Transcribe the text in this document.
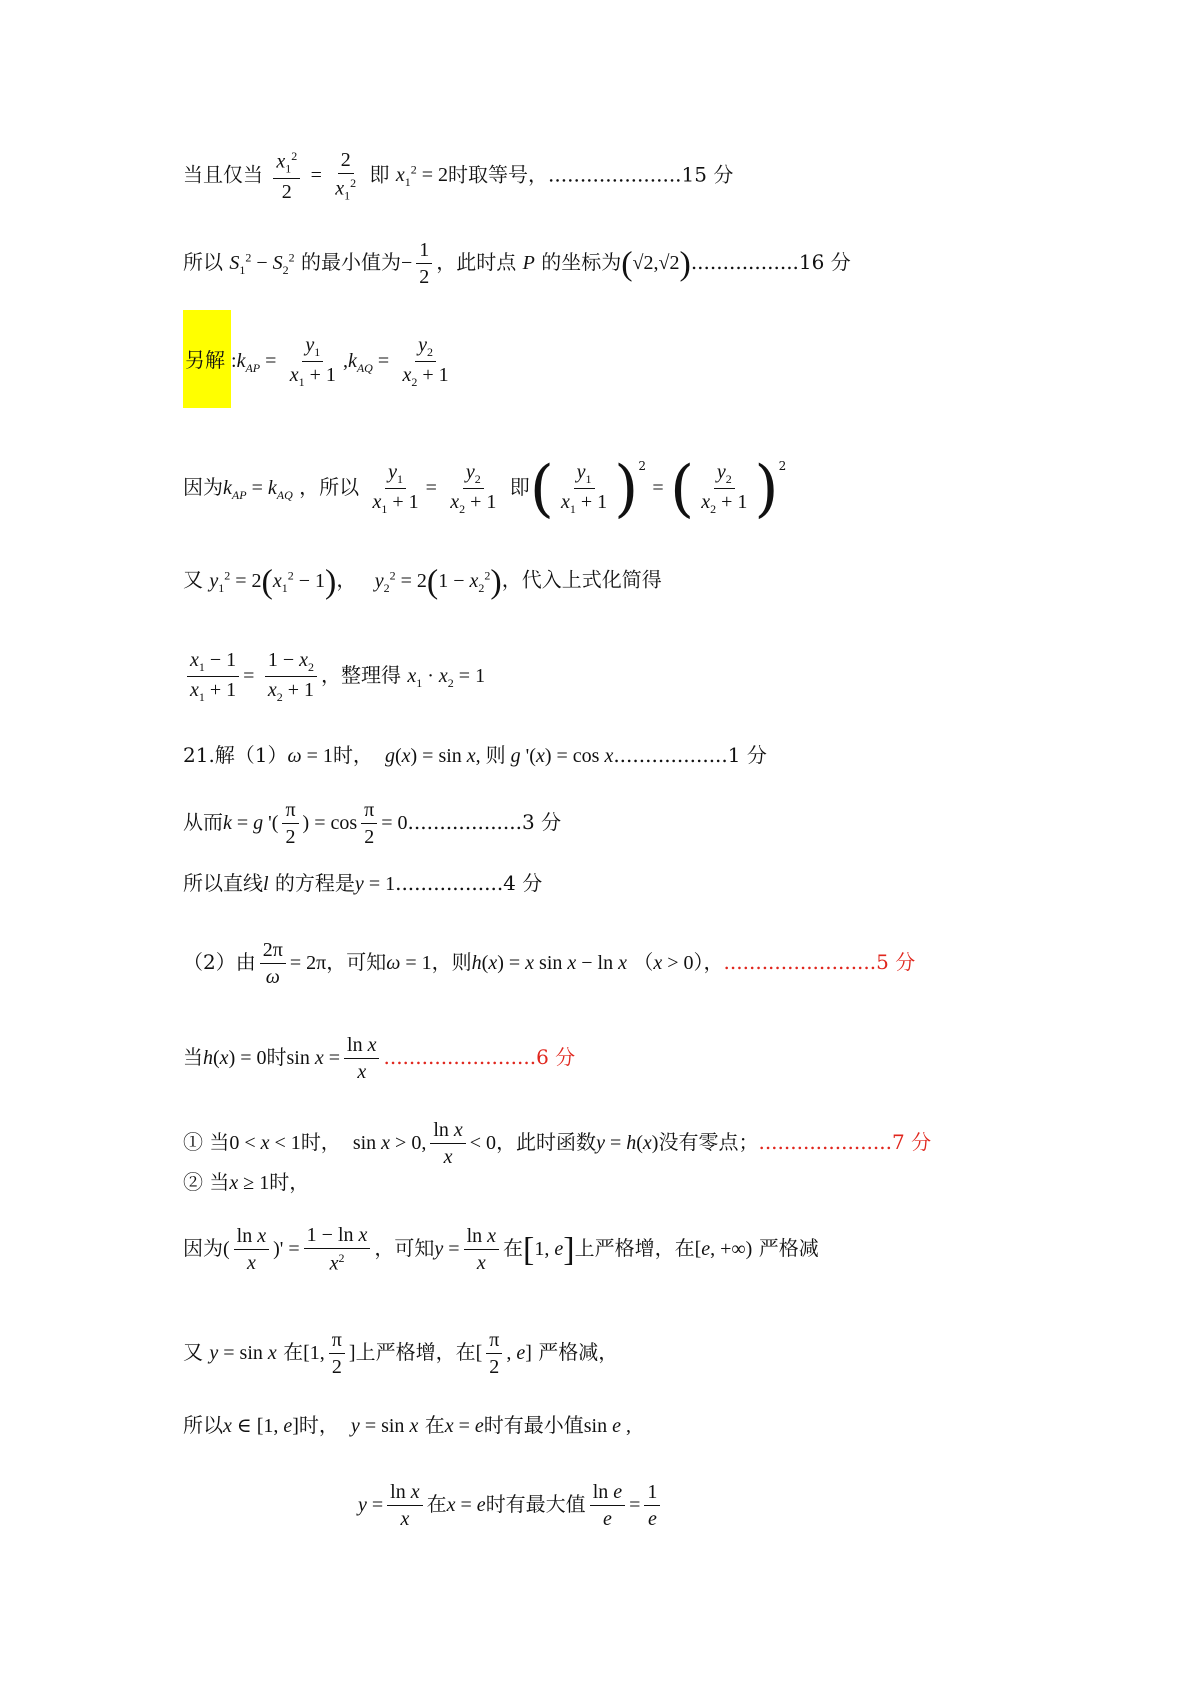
当且仅当 $\frac{x_1^2}{2} = \frac{2}{x_1^2}$ 即 $x_1^2 = 2$时取等号，.....................15 分
所以 $S_1^2 - S_2^2$ 的最小值为− $\frac{1}{2}$ ，此时点 P 的坐标为(√2,√2).................16 分
另解 $:k_{AP} = \frac{y_1}{x_1 + 1} ,k_{AQ} = \frac{y_2}{x_2 + 1}$
因为$k_{AP} = k_{AQ}$ ，所以 $\frac{y_1}{x_1 + 1} = \frac{y_2}{x_2 + 1}$ 即( $\frac{y_1}{x_1 + 1} )^2$ = ( $\frac{y_2}{x_2 + 1} )^2$
又 $y_1^2 = 2(x_1^2 - 1)$， $y_2^2 = 2(1 - x_2^2)$，代入上式化简得
$\frac{x_1 - 1}{x_1 + 1} = \frac{1 - x_2}{x_2 + 1}$ ，整理得 $x_1 \cdot x_2 = 1$
21.解（1）ω = 1时， g(x) = sin x, 则 g '(x) = cos x..................1 分
从而k = g '( $\frac{\pi}{2}$ ) = $\cos \frac{\pi}{2} = 0..................3$ 分
所以直线l 的方程是y = 1.................4 分
（2）由 $\frac{2\pi}{\omega} = 2\pi$，可知ω = 1，则h(x) = x sin x − ln x （x > 0），........................5 分
当h(x) = 0时$\sin x = \frac{\text{ln x}}{x} ........................6$ 分
① 当0 < x < 1时， sin x > 0, $\frac{\text{ln x}}{x} < 0$，此时函数y = h(x)没有零点；.....................7 分
② 当x ≥ 1时，
因为( $\frac{\text{ln x}}{x}$ )' = $\frac{\text{1 − ln x}}{x^2}$ ，可知$y = \frac{\text{ln x}}{x}$ 在[1, e]上严格增，在[e, +∞) 严格减
又 y = sin x 在[1, $\frac{\pi}{2}$ ]上严格增，在[ $\frac{\pi}{2}$ , e] 严格减，
所以x ∈ [1, e]时， y = sin x 在x = e时有最小值sin e ,
$y = \frac{\text{ln x}}{x}$ 在x = e时有最大值 $\frac{\text{ln e}}{e} = \frac{1}{e}$
